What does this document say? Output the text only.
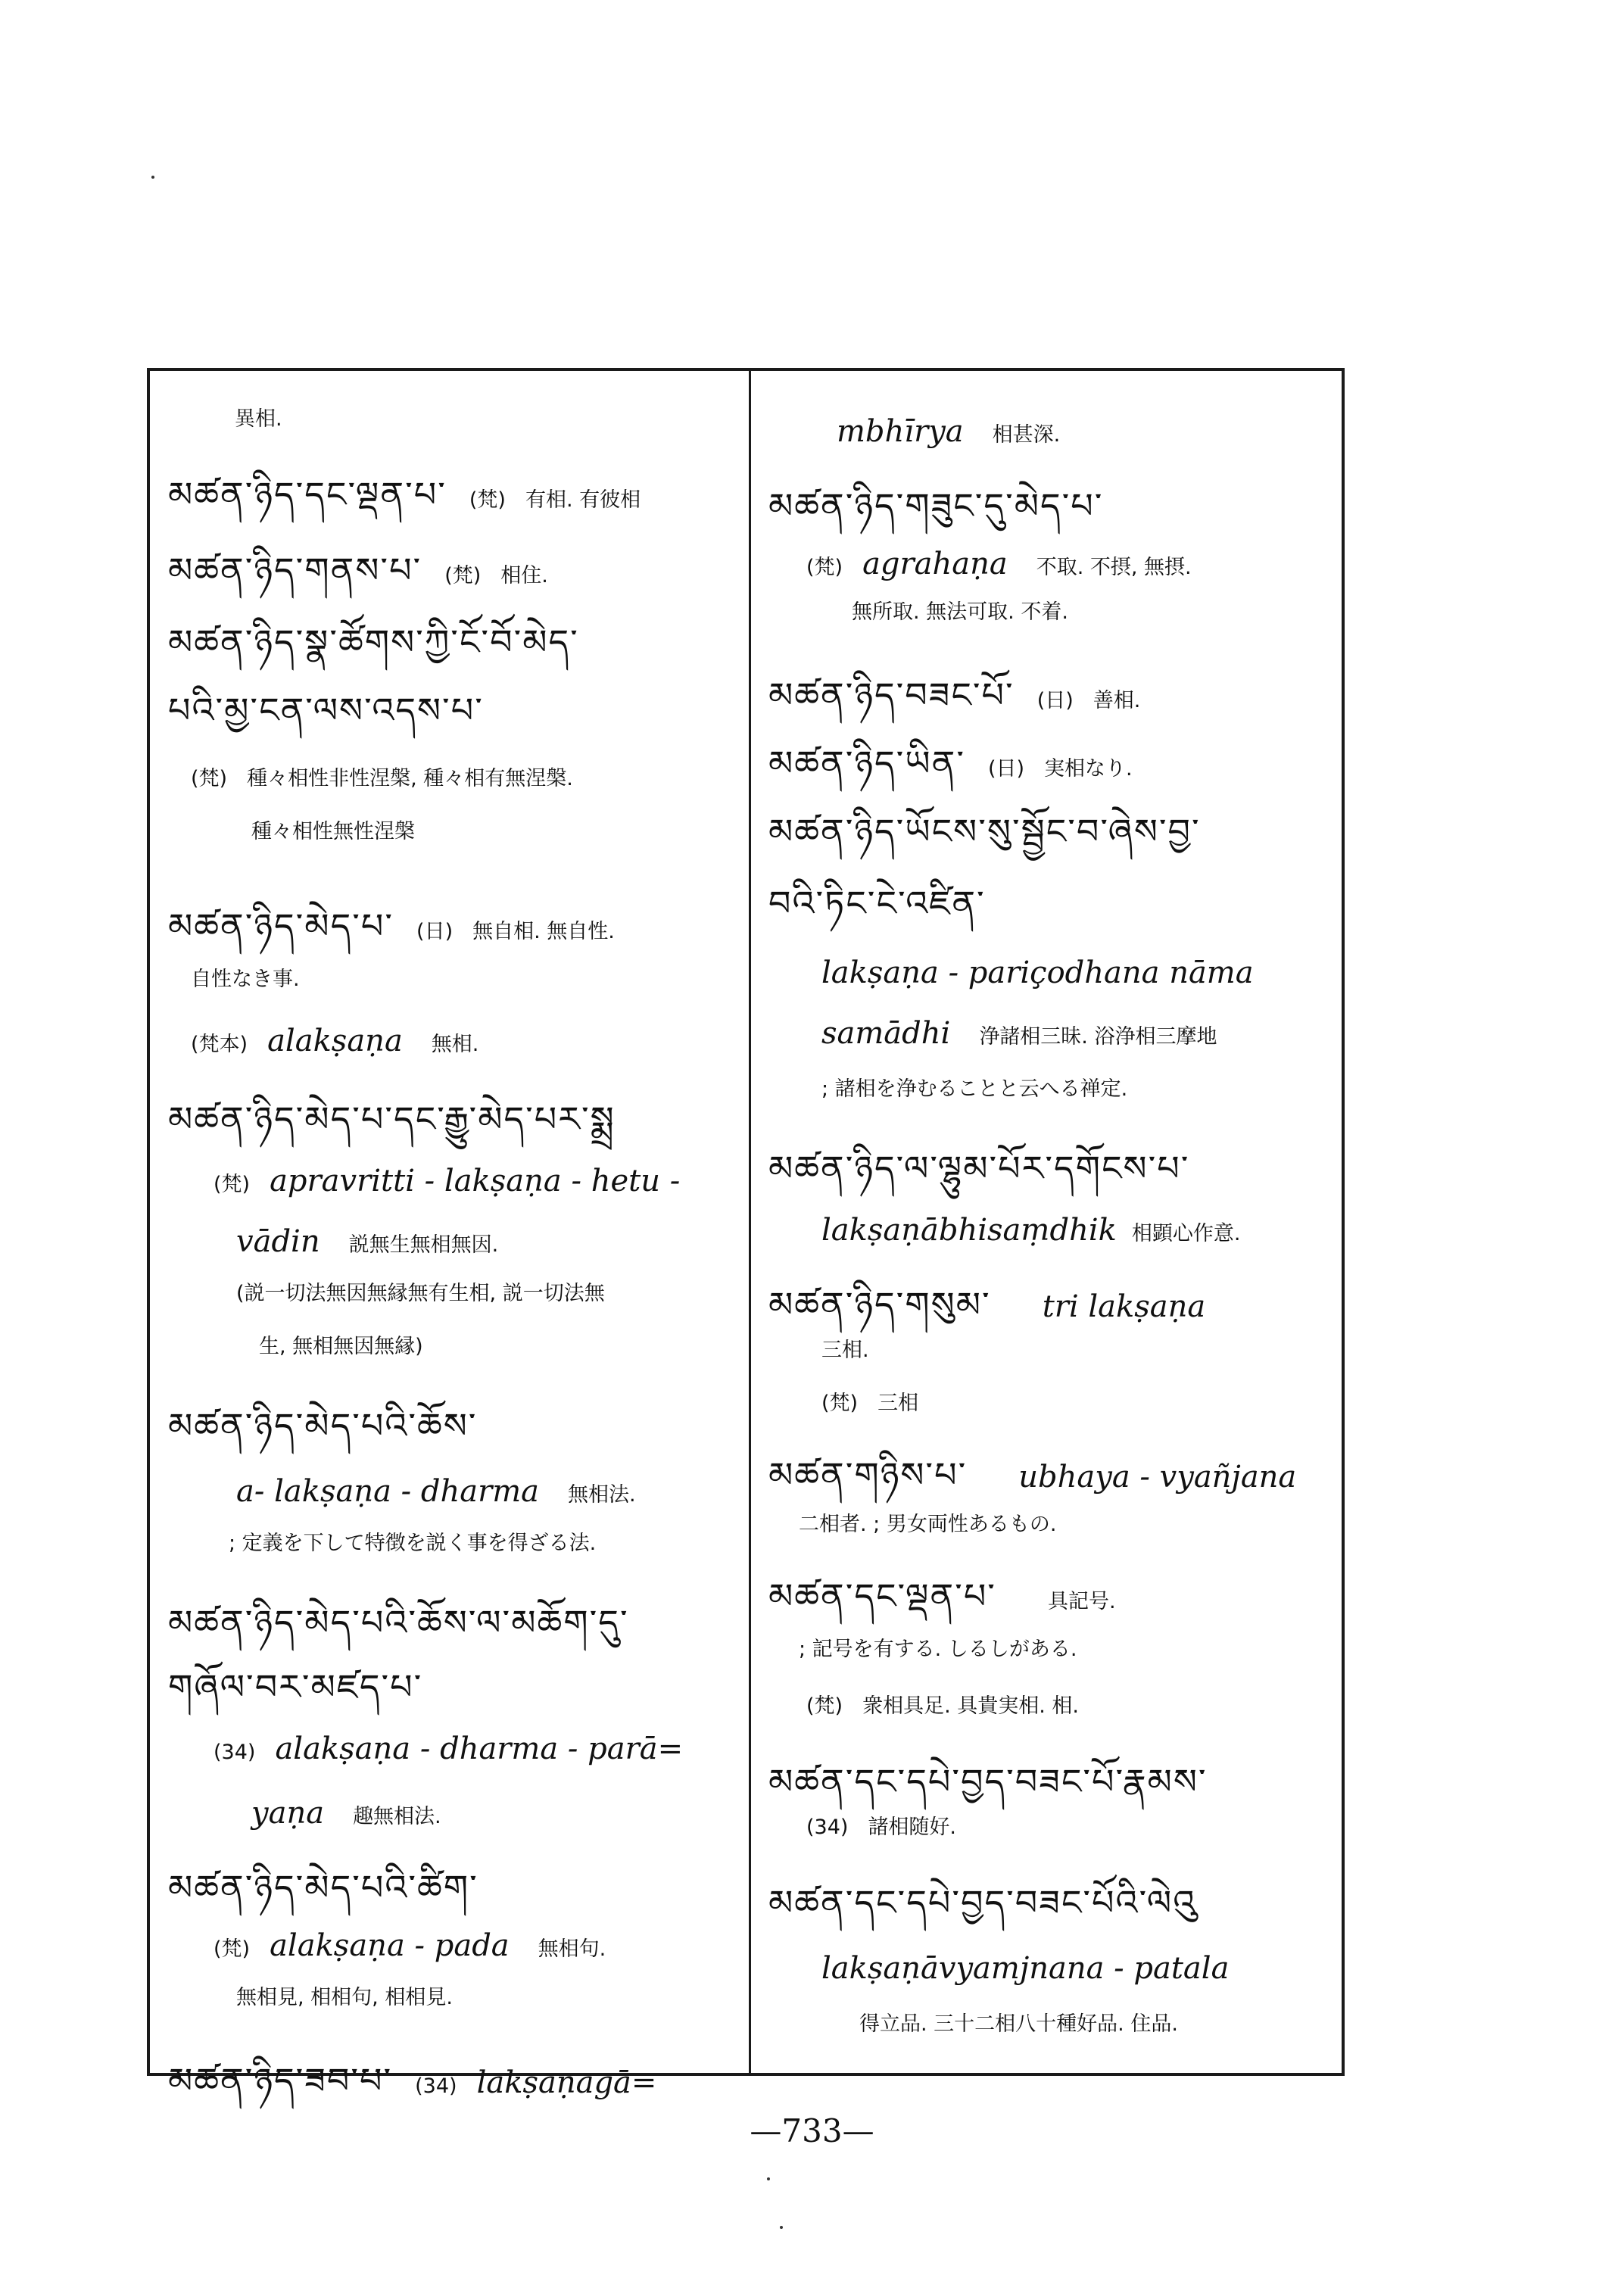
異相.
མཚན་ཉིད་དང་ལྡན་པ་ (梵) 有相. 有彼相
མཚན་ཉིད་གནས་པ་ (梵) 相住.
མཚན་ཉིད་སྣ་ཚོགས་ཀྱི་ངོ་བོ་མེད་
པའི་མྱ་ངན་ལས་འདས་པ་
(梵) 種々相性非性涅槃, 種々相有無涅槃.
種々相性無性涅槃
མཚན་ཉིད་མེད་པ་ (日) 無自相. 無自性.
自性なき事.
(梵本) alakṣaṇa 無相.
མཚན་ཉིད་མེད་པ་དང་རྒྱུ་མེད་པར་སྨྲ
(梵) apravritti - lakṣaṇa - hetu -
vādin 説無生無相無因.
(説一切法無因無縁無有生相, 説一切法無
生, 無相無因無縁)
མཚན་ཉིད་མེད་པའི་ཆོས་
a- lakṣaṇa - dharma 無相法.
; 定義を下して特徴を説く事を得ざる法.
མཚན་ཉིད་མེད་པའི་ཆོས་ལ་མཆོག་དུ་
གཞོལ་བར་མཛད་པ་
(34) alakṣaṇa - dharma - parā=
yaṇa 趣無相法.
མཚན་ཉིད་མེད་པའི་ཚིག་
(梵) alakṣaṇa - pada 無相句.
無相見, 相相句, 相相見.
མཚན་ཉིད་ཟབ་པ་ (34) lakṣaṇagā=
mbhīrya 相甚深.
མཚན་ཉིད་གཟུང་དུ་མེད་པ་
(梵) agrahaṇa 不取. 不摂, 無摂.
無所取. 無法可取. 不着.
མཚན་ཉིད་བཟང་པོ་ (日) 善相.
མཚན་ཉིད་ཡིན་ (日) 実相なり.
མཚན་ཉིད་ཡོངས་སུ་སྦྱོང་བ་ཞེས་བྱ་
བའི་ཏིང་ངེ་འཛིན་
lakṣaṇa - pariçodhana nāma
samādhi 浄諸相三昧. 浴浄相三摩地
; 諸相を浄むることと云へる禅定.
མཚན་ཉིད་ལ་ལྷུམ་པོར་དགོངས་པ་
lakṣaṇābhisaṃdhik 相顕心作意.
མཚན་ཉིད་གསུམ་ tri lakṣaṇa
三相.
(梵) 三相
མཚན་གཉིས་པ་ ubhaya - vyañjana
二相者. ; 男女両性あるもの.
མཚན་དང་ལྡན་པ་	具記号.
; 記号を有する. しるしがある.
(梵) 衆相具足. 具貴実相. 相.
མཚན་དང་དཔེ་བྱད་བཟང་པོ་རྣམས་
(34) 諸相随好.
མཚན་དང་དཔེ་བྱད་བཟང་པོའི་ལེའུ
lakṣaṇāvyamjnana - patala
得立品. 三十二相八十種好品. 住品.
—733—
